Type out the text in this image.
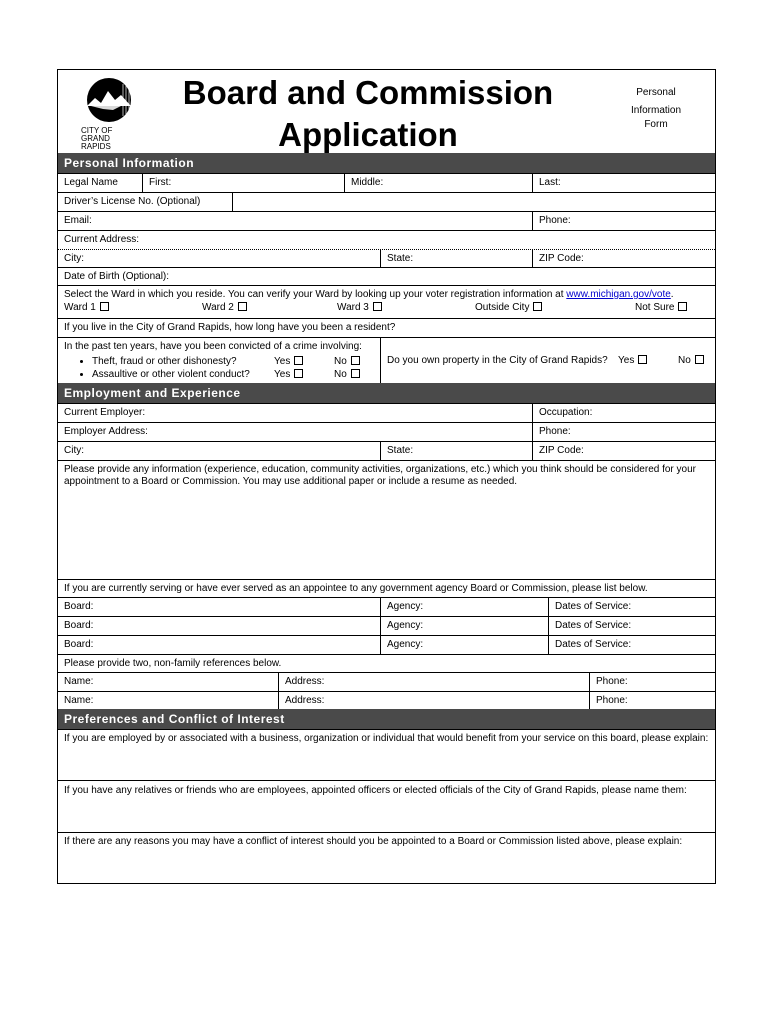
CITY OF
GRAND
RAPIDS
Board and Commission
Application
Personal
Information
Form
Personal Information
Legal Name	First:	Middle:	Last:
Driver’s License No. (Optional)
Email:	Phone:
Current Address:
City:	State:	ZIP Code:
Date of Birth (Optional):
Select the Ward in which you reside. You can verify your Ward by looking up your voter registration information at www.michigan.gov/vote.
Ward 1	Ward 2	Ward 3	Outside City	Not Sure
If you live in the City of Grand Rapids, how long have you been a resident?
In the past ten years, have you been convicted of a crime involving:
• Theft, fraud or other dishonesty?	Yes	No
• Assaultive or other violent conduct? Yes	No
Do you own property in the City of Grand Rapids? Yes	No
Employment and Experience
Current Employer:	Occupation:
Employer Address:	Phone:
City:	State:	ZIP Code:
Please provide any information (experience, education, community activities, organizations, etc.) which you think should be considered for your appointment to a Board or Commission. You may use additional paper or include a resume as needed.
If you are currently serving or have ever served as an appointee to any government agency Board or Commission, please list below.
Board:	Agency:	Dates of Service:
Board:	Agency:	Dates of Service:
Board:	Agency:	Dates of Service:
Please provide two, non-family references below.
Name:	Address:	Phone:
Name:	Address:	Phone:
Preferences and Conflict of Interest
If you are employed by or associated with a business, organization or individual that would benefit from your service on this board, please explain:
If you have any relatives or friends who are employees, appointed officers or elected officials of the City of Grand Rapids, please name them:
If there are any reasons you may have a conflict of interest should you be appointed to a Board or Commission listed above, please explain:
